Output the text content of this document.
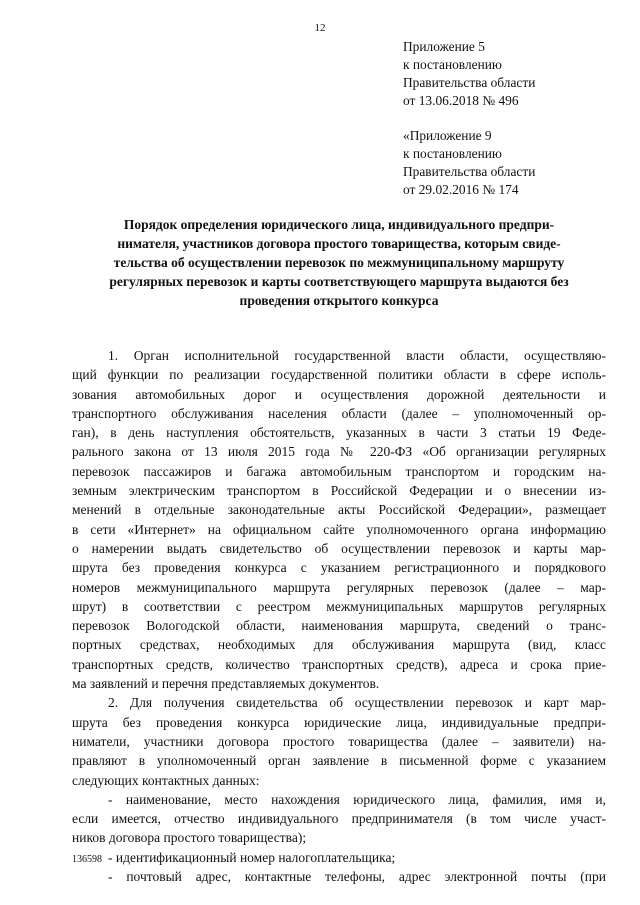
12
Приложение 5
к постановлению
Правительства области
от 13.06.2018 № 496
«Приложение 9
к постановлению
Правительства области
от 29.02.2016 № 174
Порядок определения юридического лица, индивидуального предпри-
нимателя, участников договора простого товарищества, которым свиде-
тельства об осуществлении перевозок по межмуниципальному маршруту
регулярных перевозок и карты соответствующего маршрута выдаются без
проведения открытого конкурса
1. Орган исполнительной государственной власти области, осуществляю-
щий функции по реализации государственной политики области в сфере исполь-
зования автомобильных дорог и осуществления дорожной деятельности и
транспортного обслуживания населения области (далее – уполномоченный ор-
ган), в день наступления обстоятельств, указанных в части 3 статьи 19 Феде-
рального закона от 13 июля 2015 года № 220-ФЗ «Об организации регулярных
перевозок пассажиров и багажа автомобильным транспортом и городским на-
земным электрическим транспортом в Российской Федерации и о внесении из-
менений в отдельные законодательные акты Российской Федерации», размещает
в сети «Интернет» на официальном сайте уполномоченного органа информацию
о намерении выдать свидетельство об осуществлении перевозок и карты мар-
шрута без проведения конкурса с указанием регистрационного и порядкового
номеров межмуниципального маршрута регулярных перевозок (далее – мар-
шрут) в соответствии с реестром межмуниципальных маршрутов регулярных
перевозок Вологодской области, наименования маршрута, сведений о транс-
портных средствах, необходимых для обслуживания маршрута (вид, класс
транспортных средств, количество транспортных средств), адреса и срока прие-
ма заявлений и перечня представляемых документов.
2. Для получения свидетельства об осуществлении перевозок и карт мар-
шрута без проведения конкурса юридические лица, индивидуальные предпри-
ниматели, участники договора простого товарищества (далее – заявители) на-
правляют в уполномоченный орган заявление в письменной форме с указанием
следующих контактных данных:
- наименование, место нахождения юридического лица, фамилия, имя и,
если имеется, отчество индивидуального предпринимателя (в том числе участ-
ников договора простого товарищества);
- идентификационный номер налогоплательщика;
- почтовый адрес, контактные телефоны, адрес электронной почты (при
136598
